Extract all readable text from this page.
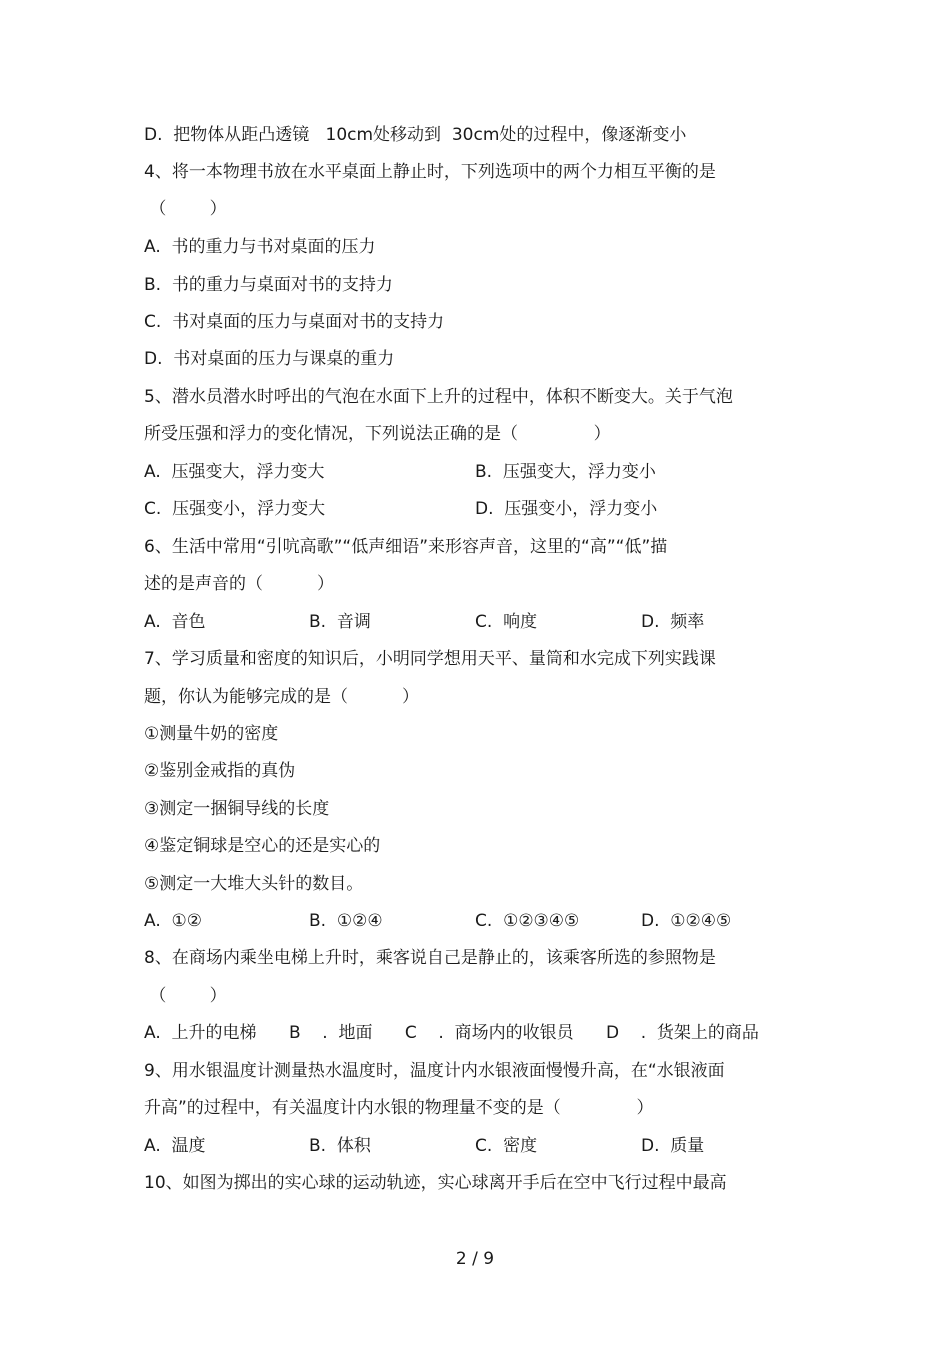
D.  把物体从距凸透镜   10cm处移动到  30cm处的过程中，像逐渐变小
4、将一本物理书放在水平桌面上静止时，下列选项中的两个力相互平衡的是
（        ）
A.  书的重力与书对桌面的压力
B.  书的重力与桌面对书的支持力
C.  书对桌面的压力与桌面对书的支持力
D.  书对桌面的压力与课桌的重力
5、潜水员潜水时呼出的气泡在水面下上升的过程中，体积不断变大。关于气泡
所受压强和浮力的变化情况，下列说法正确的是（              ）
A.  压强变大，浮力变大	B.  压强变大，浮力变小
C.  压强变小，浮力变大	D.  压强变小，浮力变小
6、生活中常用“引吭高歌”“低声细语”来形容声音，这里的“高”“低”描
述的是声音的（          ）
A.  音色	B.  音调	C.  响度	D.  频率
7、学习质量和密度的知识后，小明同学想用天平、量筒和水完成下列实践课
题，你认为能够完成的是（          ）
①测量牛奶的密度
②鉴别金戒指的真伪
③测定一捆铜导线的长度
④鉴定铜球是空心的还是实心的
⑤测定一大堆大头针的数目。
A.  ①②	B.  ①②④	C.  ①②③④⑤	D.  ①②④⑤
8、在商场内乘坐电梯上升时，乘客说自己是静止的，该乘客所选的参照物是
（        ）
A.  上升的电梯      B    .  地面      C    .  商场内的收银员      D    .  货架上的商品
9、用水银温度计测量热水温度时，温度计内水银液面慢慢升高，在“水银液面
升高”的过程中，有关温度计内水银的物理量不变的是（              ）
A.  温度	B.  体积	C.  密度	D.  质量
10、如图为掷出的实心球的运动轨迹，实心球离开手后在空中飞行过程中最高
2 / 9
